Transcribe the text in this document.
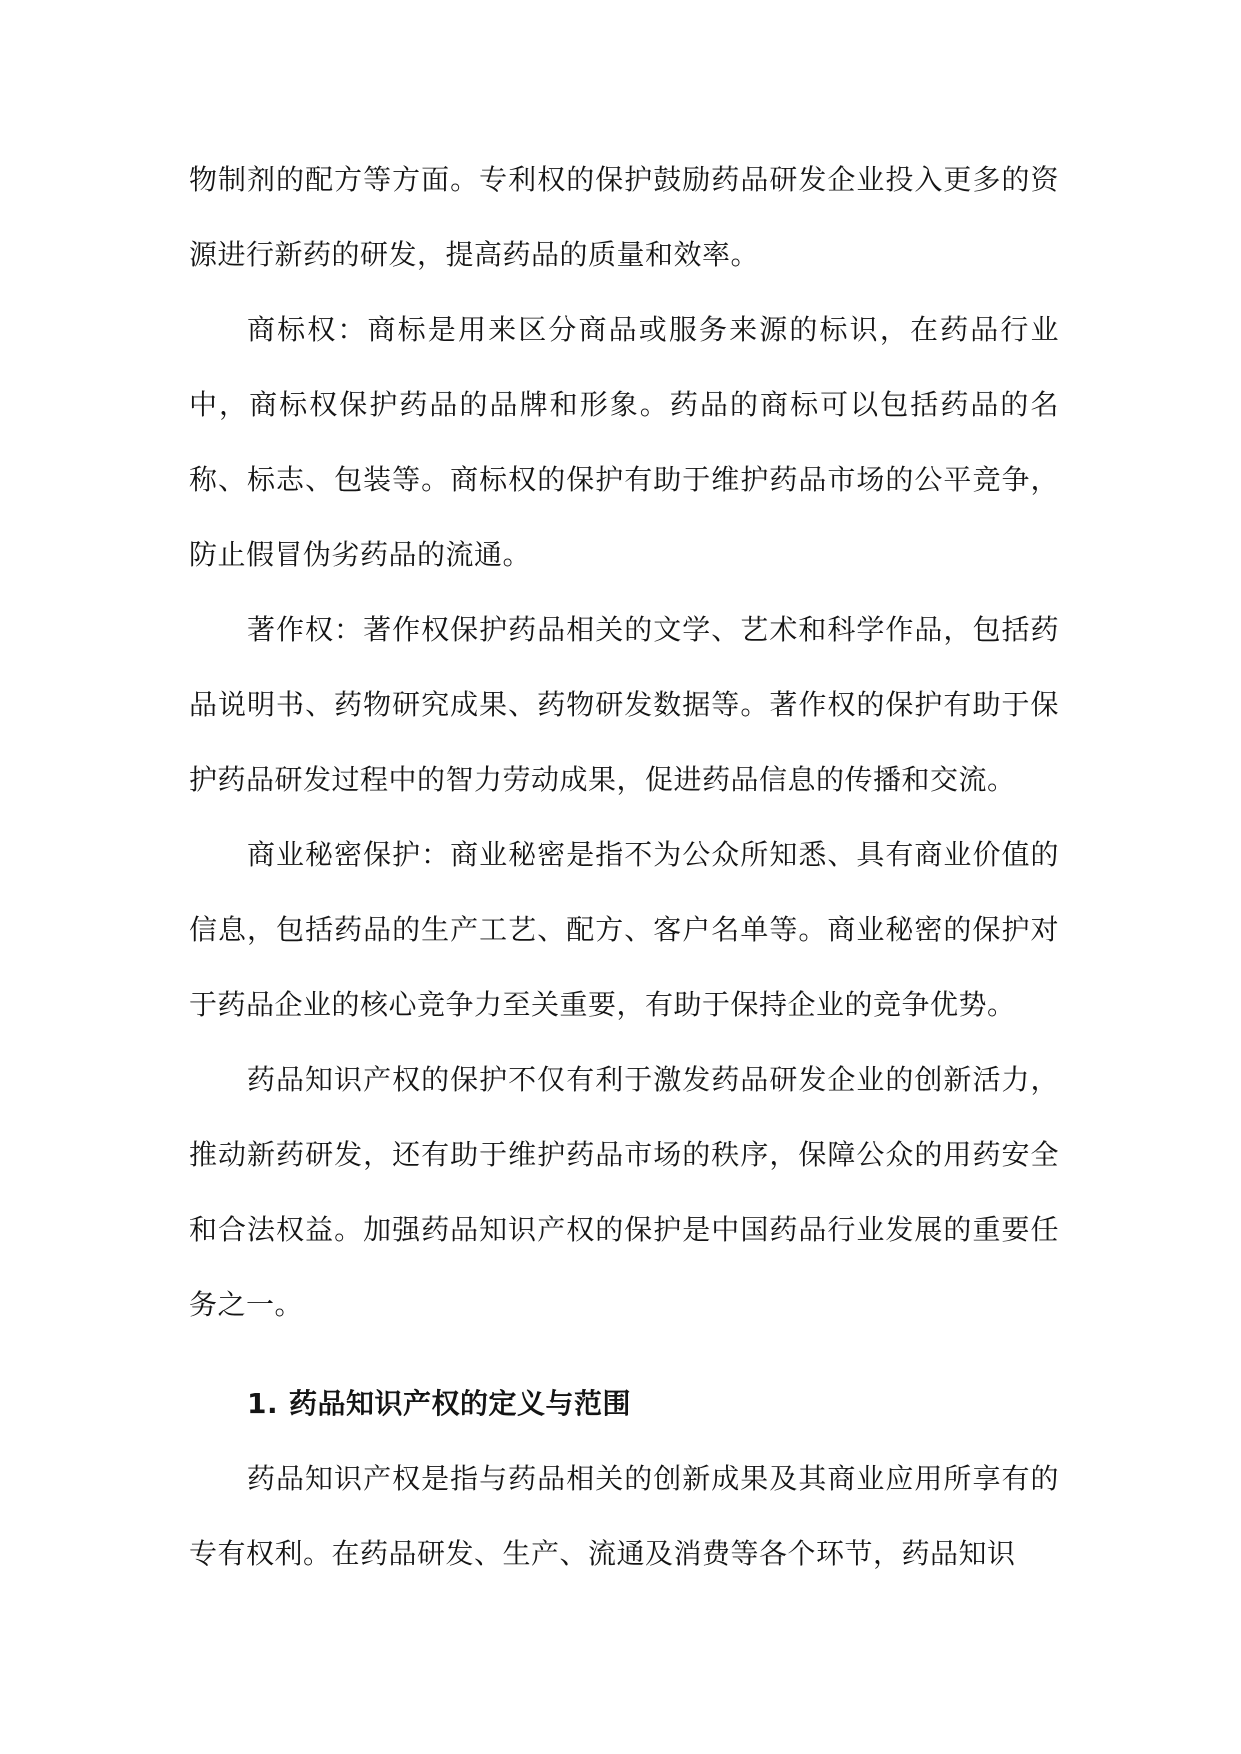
物制剂的配方等方面。专利权的保护鼓励药品研发企业投入更多的资源进行新药的研发，提高药品的质量和效率。

商标权：商标是用来区分商品或服务来源的标识，在药品行业中，商标权保护药品的品牌和形象。药品的商标可以包括药品的名称、标志、包装等。商标权的保护有助于维护药品市场的公平竞争，防止假冒伪劣药品的流通。

著作权：著作权保护药品相关的文学、艺术和科学作品，包括药品说明书、药物研究成果、药物研发数据等。著作权的保护有助于保护药品研发过程中的智力劳动成果，促进药品信息的传播和交流。

商业秘密保护：商业秘密是指不为公众所知悉、具有商业价值的信息，包括药品的生产工艺、配方、客户名单等。商业秘密的保护对于药品企业的核心竞争力至关重要，有助于保持企业的竞争优势。

药品知识产权的保护不仅有利于激发药品研发企业的创新活力，推动新药研发，还有助于维护药品市场的秩序，保障公众的用药安全和合法权益。加强药品知识产权的保护是中国药品行业发展的重要任务之一。

1. 药品知识产权的定义与范围

药品知识产权是指与药品相关的创新成果及其商业应用所享有的专有权利。在药品研发、生产、流通及消费等各个环节，药品知识
